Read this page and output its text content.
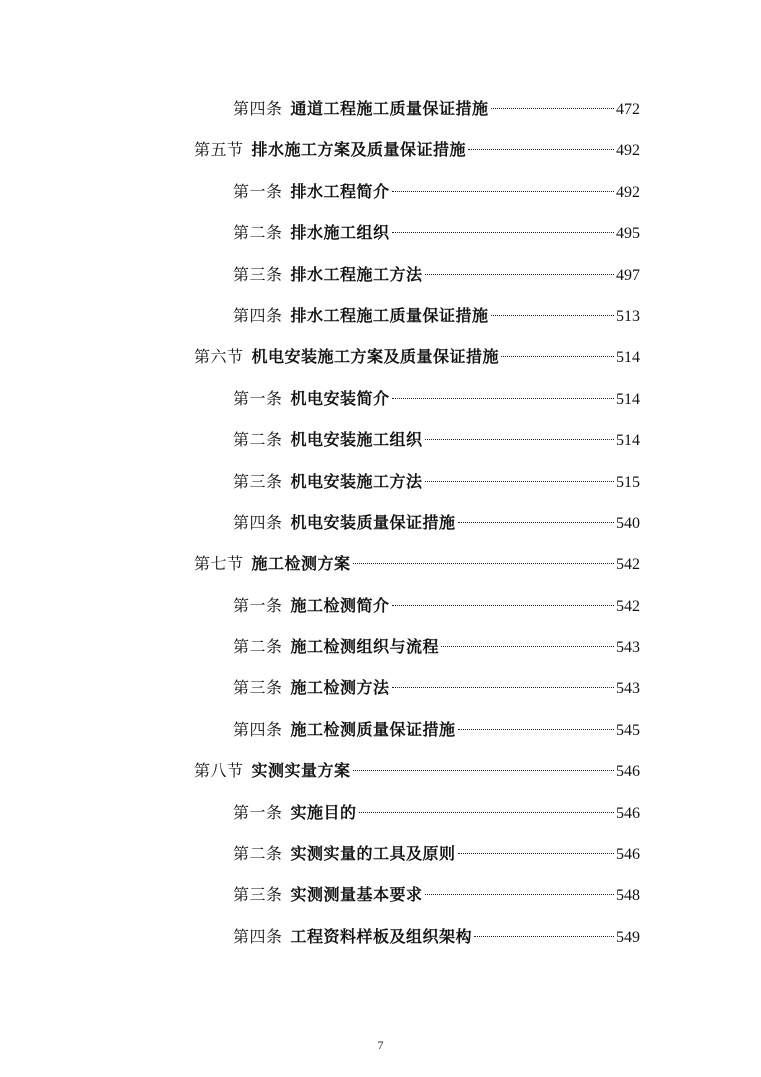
第四条 通道工程施工质量保证措施	472
第五节 排水施工方案及质量保证措施	492
第一条 排水工程简介	492
第二条 排水施工组织	495
第三条 排水工程施工方法	497
第四条 排水工程施工质量保证措施	513
第六节 机电安装施工方案及质量保证措施	514
第一条 机电安装简介	514
第二条 机电安装施工组织	514
第三条 机电安装施工方法	515
第四条 机电安装质量保证措施	540
第七节 施工检测方案	542
第一条 施工检测简介	542
第二条 施工检测组织与流程	543
第三条 施工检测方法	543
第四条 施工检测质量保证措施	545
第八节 实测实量方案	546
第一条 实施目的	546
第二条 实测实量的工具及原则	546
第三条 实测测量基本要求	548
第四条 工程资料样板及组织架构	549
7
